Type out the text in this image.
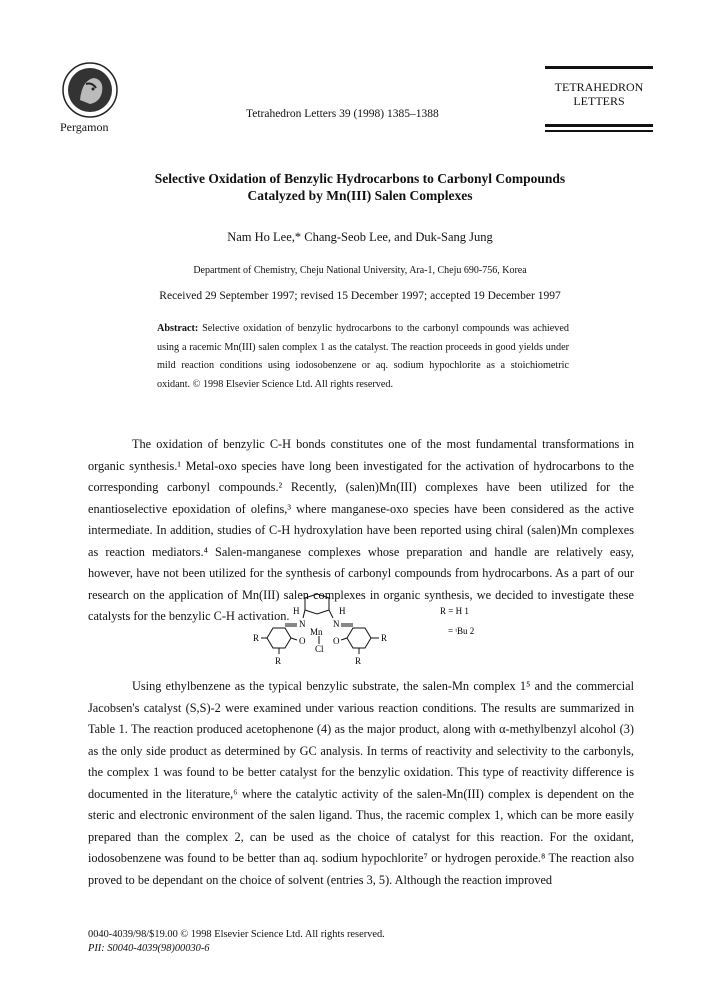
Pergamon
Tetrahedron Letters 39 (1998) 1385–1388
TETRAHEDRON
LETTERS
Selective Oxidation of Benzylic Hydrocarbons to Carbonyl Compounds
Catalyzed by Mn(III) Salen Complexes
Nam Ho Lee,* Chang-Seob Lee, and Duk-Sang Jung
Department of Chemistry, Cheju National University, Ara-1, Cheju 690-756, Korea
Received 29 September 1997; revised 15 December 1997; accepted 19 December 1997
Abstract: Selective oxidation of benzylic hydrocarbons to the carbonyl compounds was achieved using a racemic Mn(III) salen complex 1 as the catalyst. The reaction proceeds in good yields under mild reaction conditions using iodosobenzene or aq. sodium hypochlorite as a stoichiometric oxidant. © 1998 Elsevier Science Ltd. All rights reserved.

The oxidation of benzylic C-H bonds constitutes one of the most fundamental transformations in organic synthesis.¹ Metal-oxo species have long been investigated for the activation of hydrocarbons to the corresponding carbonyl compounds.² Recently, (salen)Mn(III) complexes have been utilized for the enantioselective epoxidation of olefins,³ where manganese-oxo species have been considered as the active intermediate. In addition, studies of C-H hydroxylation have been reported using chiral (salen)Mn complexes as reaction mediators.⁴ Salen-manganese complexes whose preparation and handle are relatively easy, however, have not been utilized for the synthesis of carbonyl compounds from hydrocarbons. As a part of our research on the application of Mn(III) salen complexes in organic synthesis, we decided to investigate these catalysts for the benzylic C-H activation. H	H
N	N
Mn
Cl
O	O
R
R
R
R
R = H 1
= ᵗBu 2

Using ethylbenzene as the typical benzylic substrate, the salen-Mn complex 1⁵ and the commercial Jacobsen's catalyst (S,S)-2 were examined under various reaction conditions. The results are summarized in Table 1. The reaction produced acetophenone (4) as the major product, along with α-methylbenzyl alcohol (3) as the only side product as determined by GC analysis. In terms of reactivity and selectivity to the carbonyls, the complex 1 was found to be better catalyst for the benzylic oxidation. This type of reactivity difference is documented in the literature,⁶ where the catalytic activity of the salen-Mn(III) complex is dependent on the steric and electronic environment of the salen ligand. Thus, the racemic complex 1, which can be more easily prepared than the complex 2, can be used as the choice of catalyst for this reaction. For the oxidant, iodosobenzene was found to be better than aq. sodium hypochlorite⁷ or hydrogen peroxide.⁸ The reaction also proved to be dependant on the choice of solvent (entries 3, 5). Although the reaction improved

0040-4039/98/$19.00 © 1998 Elsevier Science Ltd. All rights reserved.
PII: S0040-4039(98)00030-6
